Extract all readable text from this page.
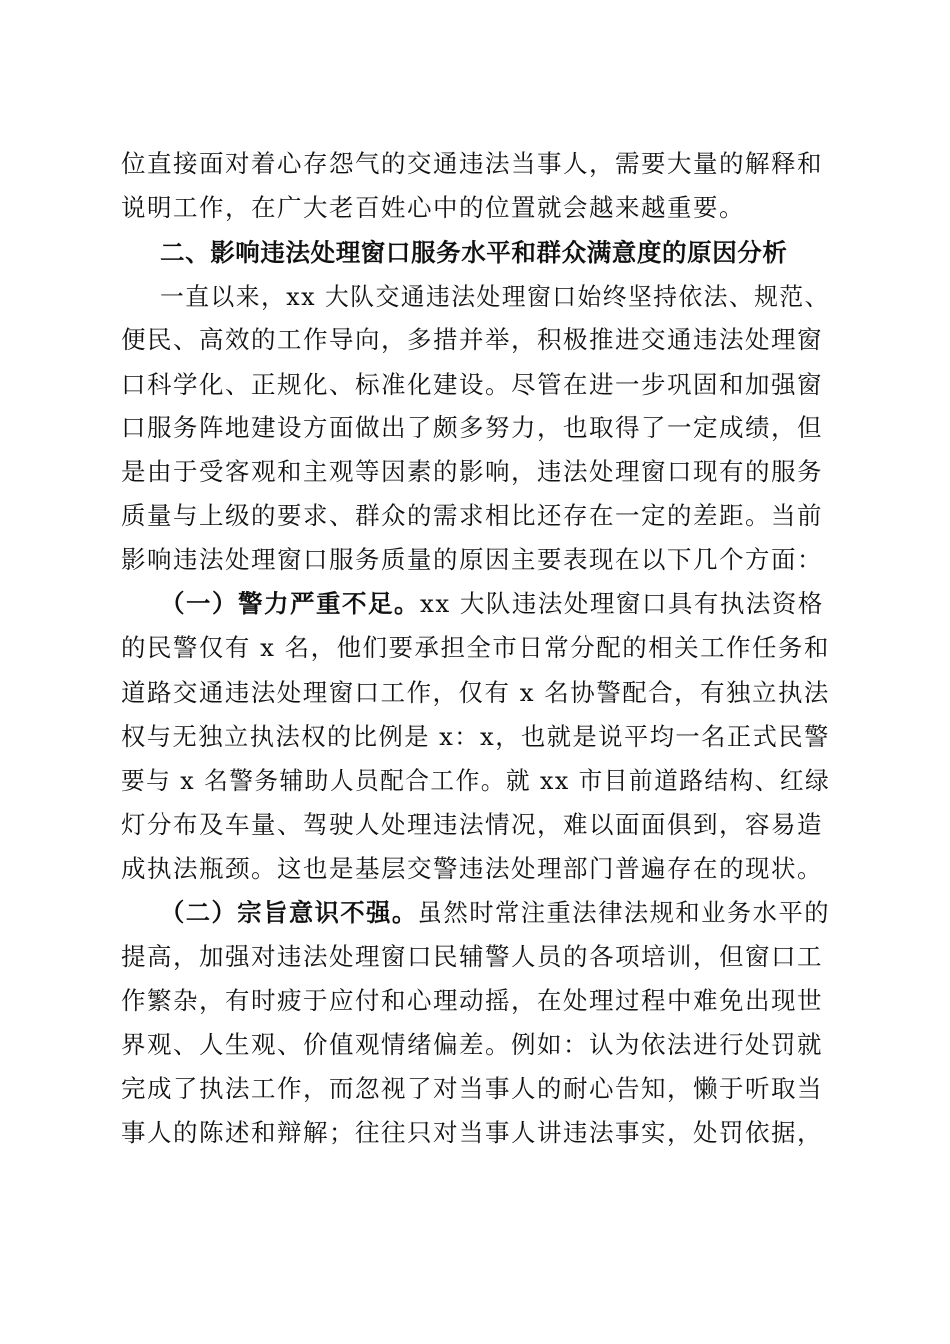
位直接面对着心存怨气的交通违法当事人，需要大量的解释和
说明工作，在广大老百姓心中的位置就会越来越重要。
二、影响违法处理窗口服务水平和群众满意度的原因分析
一直以来，xx 大队交通违法处理窗口始终坚持依法、规范、
便民、高效的工作导向，多措并举，积极推进交通违法处理窗
口科学化、正规化、标准化建设。尽管在进一步巩固和加强窗
口服务阵地建设方面做出了颇多努力，也取得了一定成绩，但
是由于受客观和主观等因素的影响，违法处理窗口现有的服务
质量与上级的要求、群众的需求相比还存在一定的差距。当前
影响违法处理窗口服务质量的原因主要表现在以下几个方面：
（一）警力严重不足。xx 大队违法处理窗口具有执法资格
的民警仅有 x 名，他们要承担全市日常分配的相关工作任务和
道路交通违法处理窗口工作，仅有 x 名协警配合，有独立执法
权与无独立执法权的比例是 x：x，也就是说平均一名正式民警
要与 x 名警务辅助人员配合工作。就 xx 市目前道路结构、红绿
灯分布及车量、驾驶人处理违法情况，难以面面俱到，容易造
成执法瓶颈。这也是基层交警违法处理部门普遍存在的现状。
（二）宗旨意识不强。虽然时常注重法律法规和业务水平的
提高，加强对违法处理窗口民辅警人员的各项培训，但窗口工
作繁杂，有时疲于应付和心理动摇，在处理过程中难免出现世
界观、人生观、价值观情绪偏差。例如：认为依法进行处罚就
完成了执法工作，而忽视了对当事人的耐心告知，懒于听取当
事人的陈述和辩解；往往只对当事人讲违法事实，处罚依据，
